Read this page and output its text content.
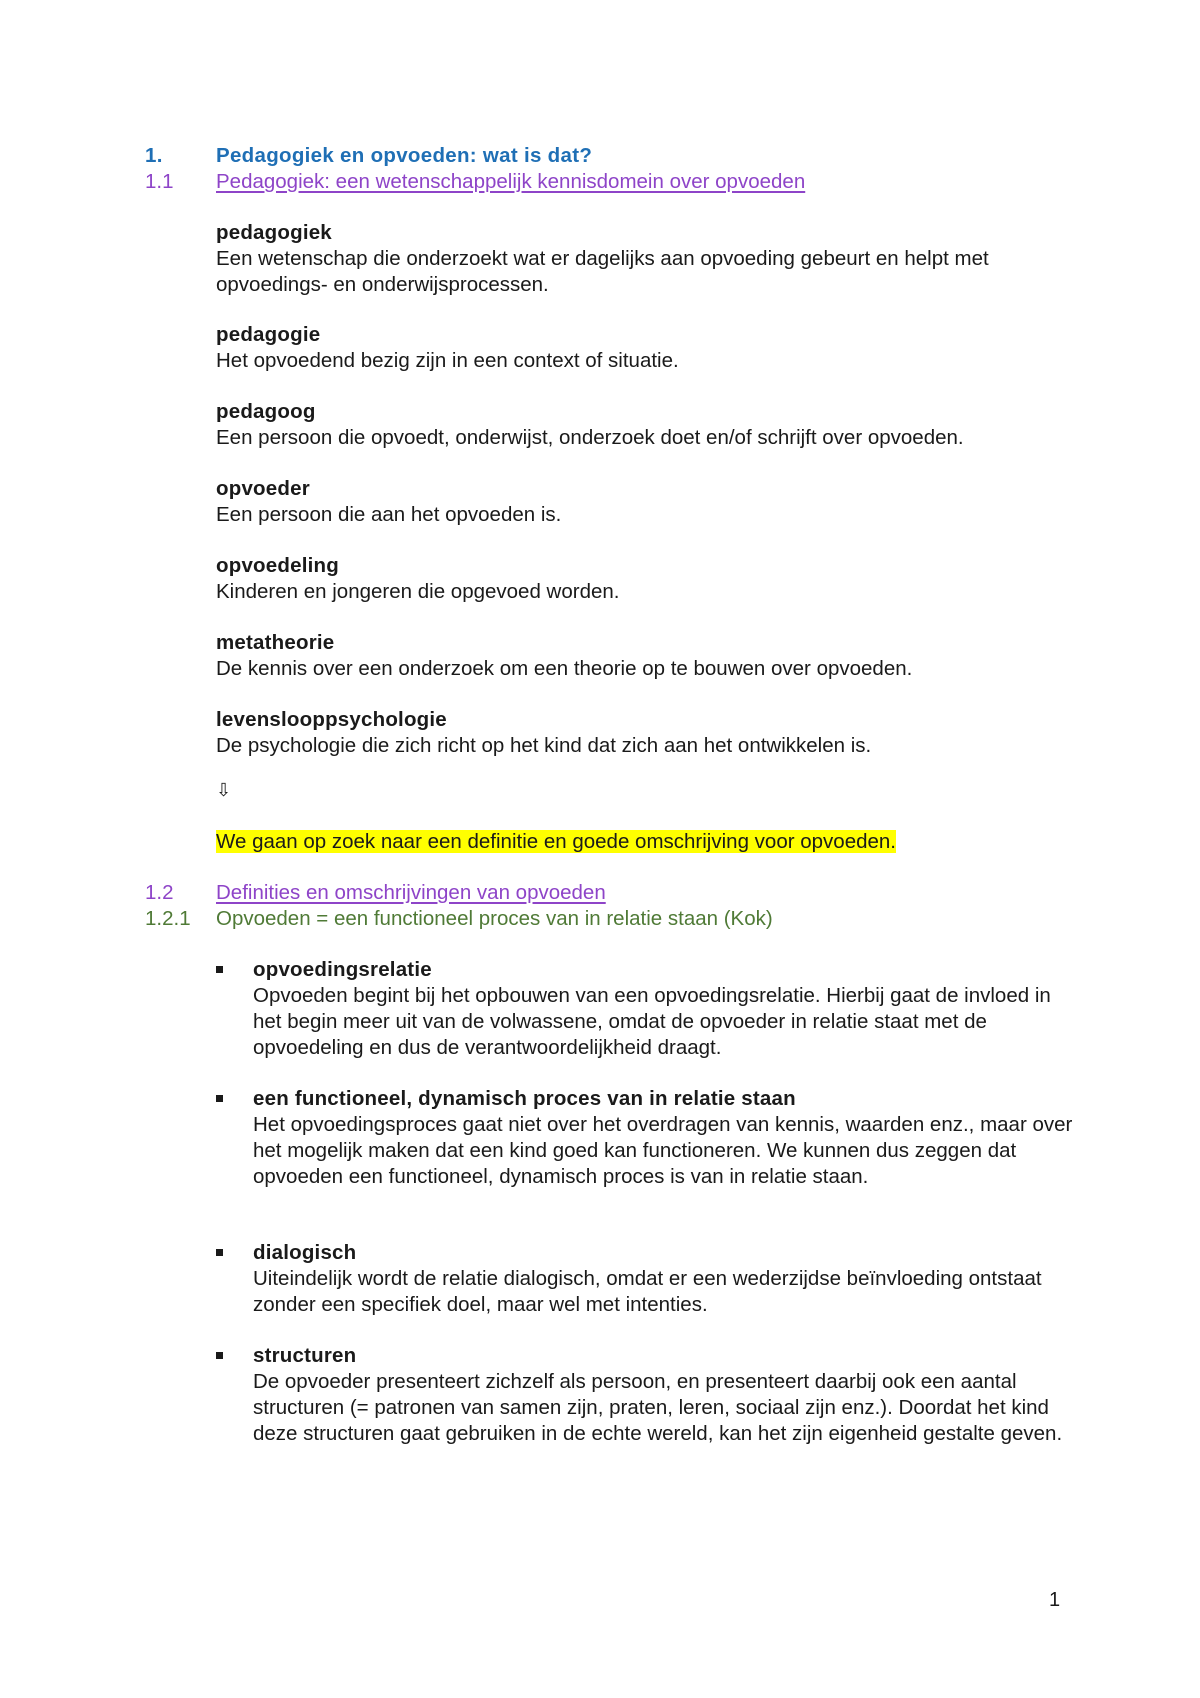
1.	Pedagogiek en opvoeden: wat is dat?
1.1	Pedagogiek: een wetenschappelijk kennisdomein over opvoeden
pedagogiek
Een wetenschap die onderzoekt wat er dagelijks aan opvoeding gebeurt en helpt met opvoedings- en onderwijsprocessen.
pedagogie
Het opvoedend bezig zijn in een context of situatie.
pedagoog
Een persoon die opvoedt, onderwijst, onderzoek doet en/of schrijft over opvoeden.
opvoeder
Een persoon die aan het opvoeden is.
opvoedeling
Kinderen en jongeren die opgevoed worden.
metatheorie
De kennis over een onderzoek om een theorie op te bouwen over opvoeden.
levenslooppsychologie
De psychologie die zich richt op het kind dat zich aan het ontwikkelen is.
⇩
We gaan op zoek naar een definitie en goede omschrijving voor opvoeden.
1.2	Definities en omschrijvingen van opvoeden
1.2.1	Opvoeden = een functioneel proces van in relatie staan (Kok)
opvoedingsrelatie
Opvoeden begint bij het opbouwen van een opvoedingsrelatie. Hierbij gaat de invloed in het begin meer uit van de volwassene, omdat de opvoeder in relatie staat met de opvoedeling en dus de verantwoordelijkheid draagt.
een functioneel, dynamisch proces van in relatie staan
Het opvoedingsproces gaat niet over het overdragen van kennis, waarden enz., maar over het mogelijk maken dat een kind goed kan functioneren. We kunnen dus zeggen dat opvoeden een functioneel, dynamisch proces is van in relatie staan.
dialogisch
Uiteindelijk wordt de relatie dialogisch, omdat er een wederzijdse beïnvloeding ontstaat zonder een specifiek doel, maar wel met intenties.
structuren
De opvoeder presenteert zichzelf als persoon, en presenteert daarbij ook een aantal structuren (= patronen van samen zijn, praten, leren, sociaal zijn enz.). Doordat het kind deze structuren gaat gebruiken in de echte wereld, kan het zijn eigenheid gestalte geven.
1
